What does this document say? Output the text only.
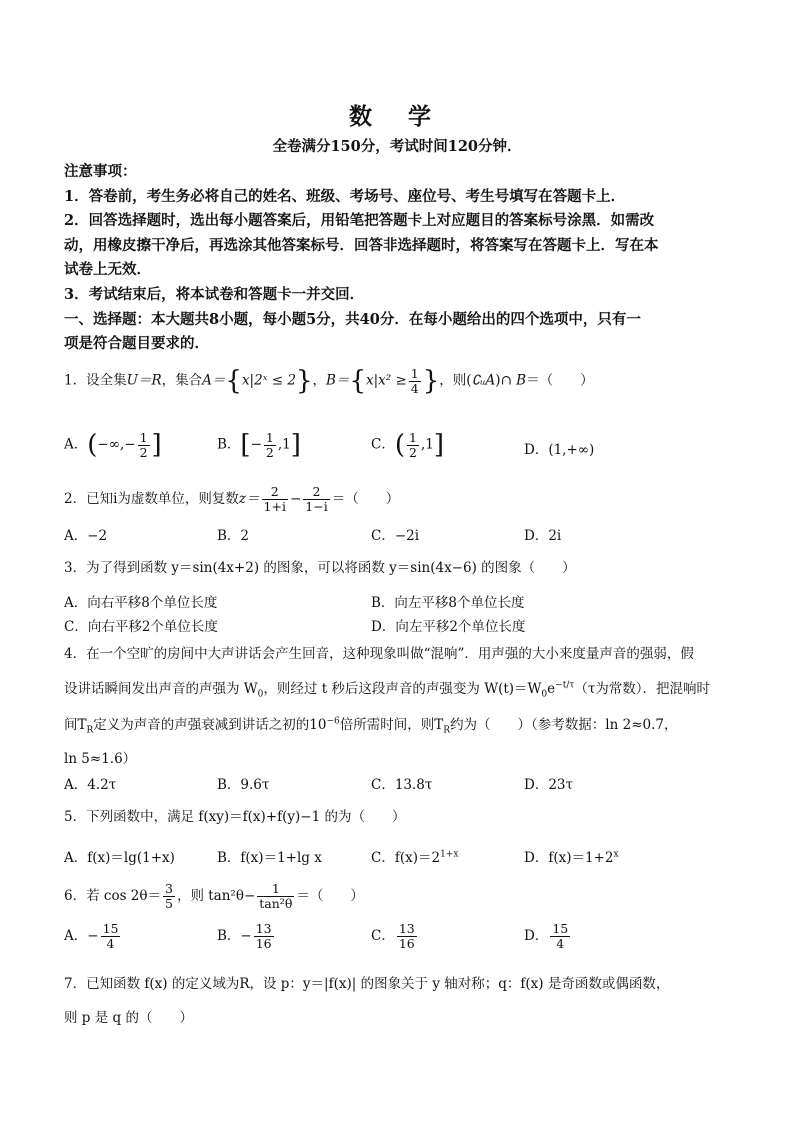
数 学
全卷满分150分，考试时间120分钟．
注意事项：
1．答卷前，考生务必将自己的姓名、班级、考场号、座位号、考生号填写在答题卡上．
2．回答选择题时，选出每小题答案后，用铅笔把答题卡上对应题目的答案标号涂黑．如需改
动，用橡皮擦干净后，再选涂其他答案标号．回答非选择题时，将答案写在答题卡上．写在本
试卷上无效．
3．考试结束后，将本试卷和答题卡一并交回．
一、选择题：本大题共8小题，每小题5分，共40分．在每小题给出的四个选项中，只有一
项是符合题目要求的．
1．设全集U＝R，集合A＝{x|2ˣ ≤ 2}，$B=\{x|x^2 \ge \frac{1}{4}$ }，则(∁ᵤA)∩ B＝（　　）
A．(−∞,− $\frac{1}{2}$ ]	B．[− $\frac{1}{2} ,1$]	C．( $\frac{1}{2} ,1$]	D．(1,+∞)
2．已知i为虚数单位，则复数$z= \frac{2}{1+i} - \frac{2}{1-i}$ ＝（　　）
A．−2	B．2	C．−2i	D．2i
3．为了得到函数 y＝sin(4x+2) 的图象，可以将函数 y＝sin(4x−6) 的图象（　　）
A．向右平移8个单位长度	B．向左平移8个单位长度
C．向右平移2个单位长度	D．向左平移2个单位长度
4．在一个空旷的房间中大声讲话会产生回音，这种现象叫做“混响”．用声强的大小来度量声音的强弱，假
设讲话瞬间发出声音的声强为 $W_0$，则经过 t 秒后这段声音的声强变为 $W(t)=W_0e^{-t/\tau}(\tau$为常数）．把混响时
间$T_R$定义为声音的声强衰减到讲话之初的$10^{-6}$倍所需时间，则$T_R$约为（　　）（参考数据：ln 2≈0.7，
ln 5≈1.6）
A．4.2τ	B．9.6τ	C．13.8τ	D．23τ
5．下列函数中，满足 f(xy)＝f(x)+f(y)−1 的为（　　）
A．f(x)＝lg(1+x)	B．f(x)＝1+lg x	C．$f(x)=2^{1+x}$	D．$f(x)=1+2^x$
6．若 $\cos 2\theta= \frac{3}{5}$ ，则 $\tan^2\theta- \frac{1}{\text{tan²θ}}$ ＝（　　）
A．− $\frac{15}{4}$	B．− $\frac{13}{16}$	C． $\frac{13}{16}$	D． $\frac{15}{4}$
7．已知函数 f(x) 的定义域为R，设 p：y＝|f(x)| 的图象关于 y 轴对称；q：f(x) 是奇函数或偶函数，
则 p 是 q 的（　　）
